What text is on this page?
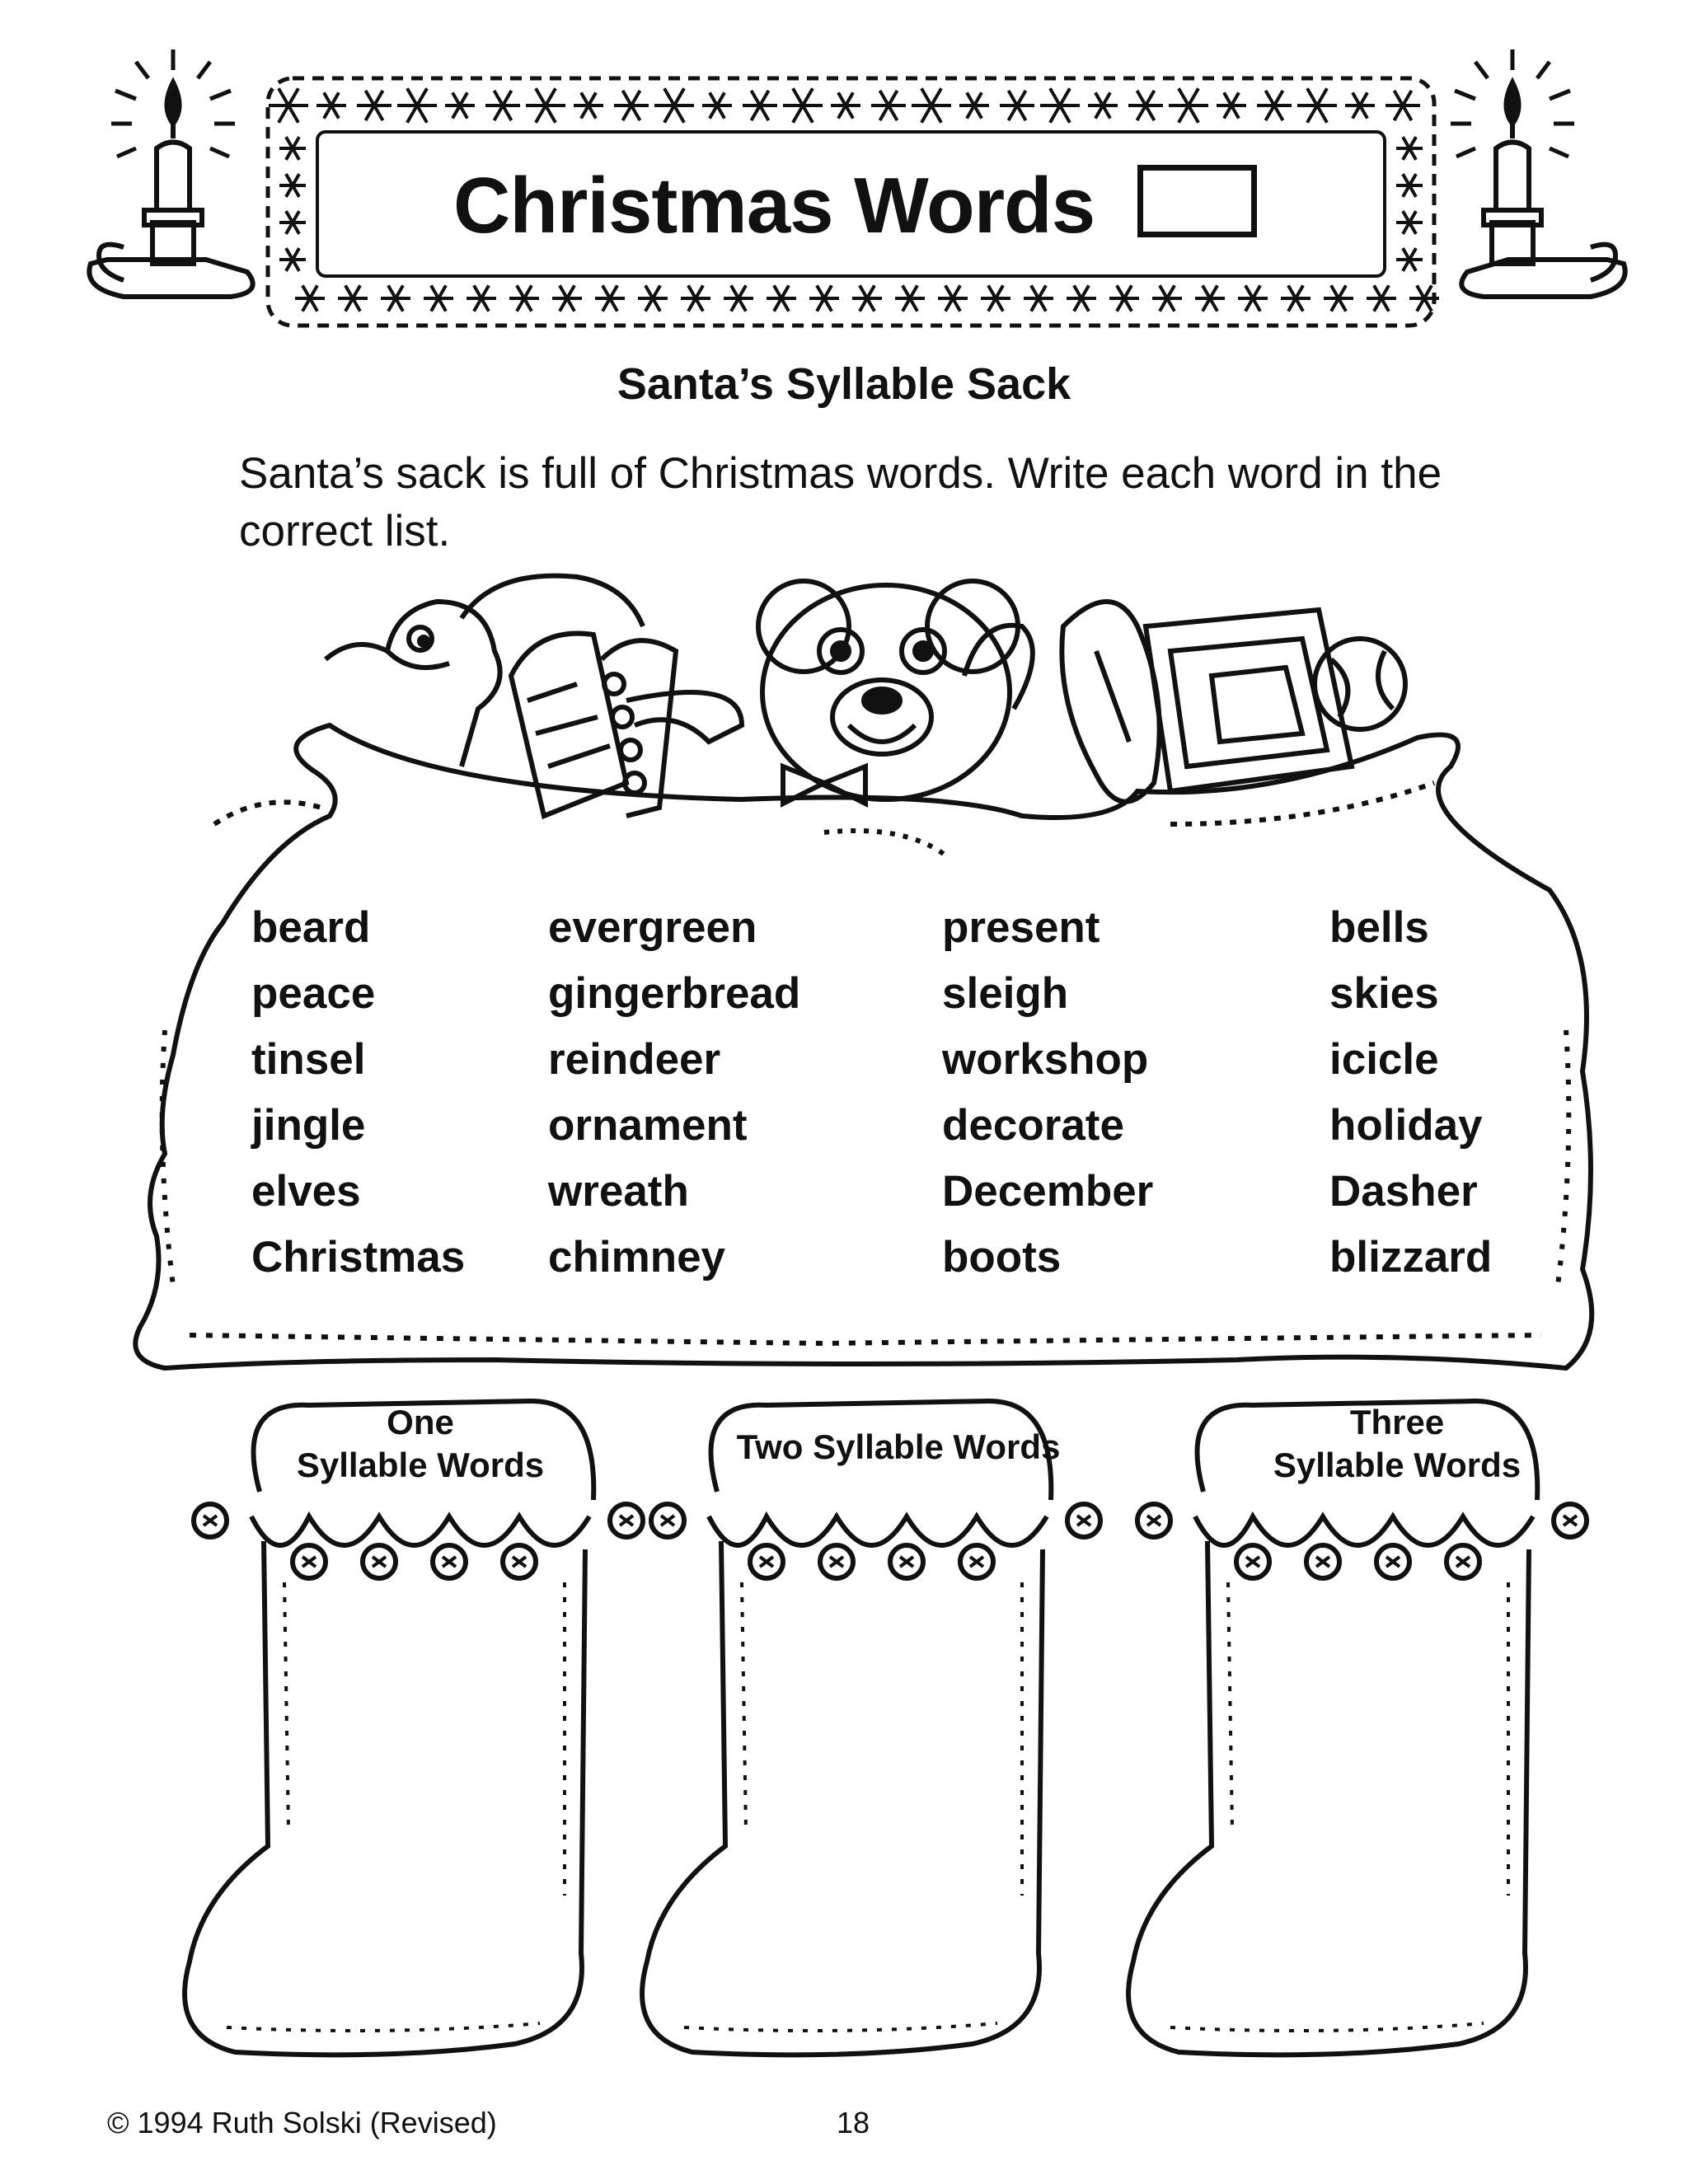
Christmas Words
Santa’s Syllable Sack
Santa’s sack is full of Christmas words. Write each word in the correct list.
beard
peace
tinsel
jingle
elves
Christmas
evergreen
gingerbread
reindeer
ornament
wreath
chimney
present
sleigh
workshop
decorate
December
boots
bells
skies
icicle
holiday
Dasher
blizzard
One
Syllable Words	Two Syllable Words
Three
Syllable Words
© 1994 Ruth Solski (Revised)	18
